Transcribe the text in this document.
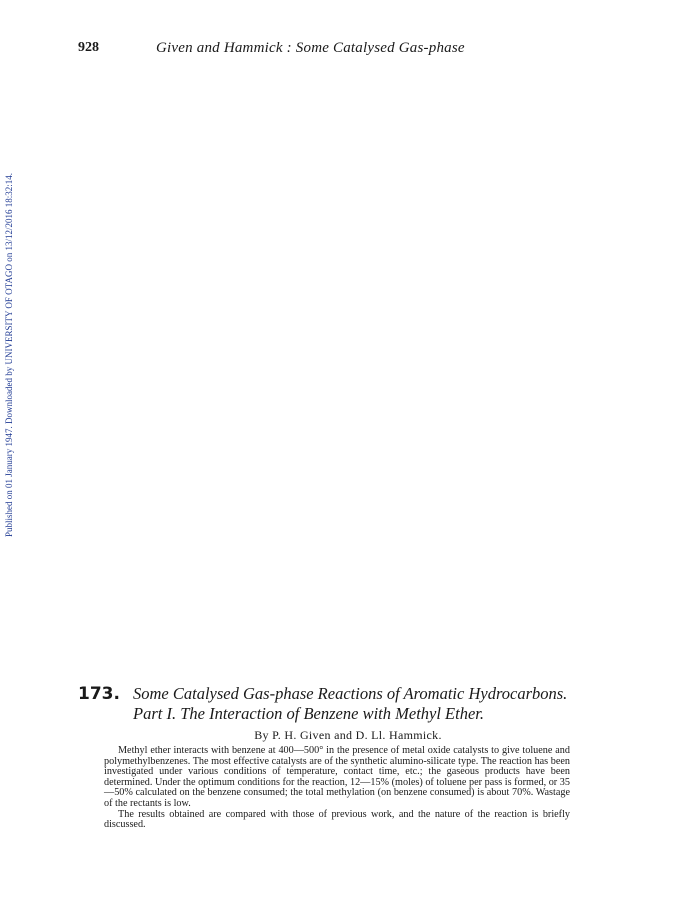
928	Given and Hammick : Some Catalysed Gas-phase
Published on 01 January 1947. Downloaded by UNIVERSITY OF OTAGO on 13/12/2016 18:32:14.
173. Some Catalysed Gas-phase Reactions of Aromatic Hydrocarbons.
Part I. The Interaction of Benzene with Methyl Ether.
By P. H. Given and D. Ll. Hammick.

Methyl ether interacts with benzene at 400—500° in the presence of metal oxide catalysts to give toluene and polymethylbenzenes. The most effective catalysts are of the synthetic alumino-silicate type. The reaction has been investigated under various conditions of temperature, contact time, etc.; the gaseous products have been determined. Under the optimum conditions for the reaction, 12—15% (moles) of toluene per pass is formed, or 35—50% calculated on the benzene consumed; the total methylation (on benzene consumed) is about 70%. Wastage of the rectants is low.

The results obtained are compared with those of previous work, and the nature of the reaction is briefly discussed.
